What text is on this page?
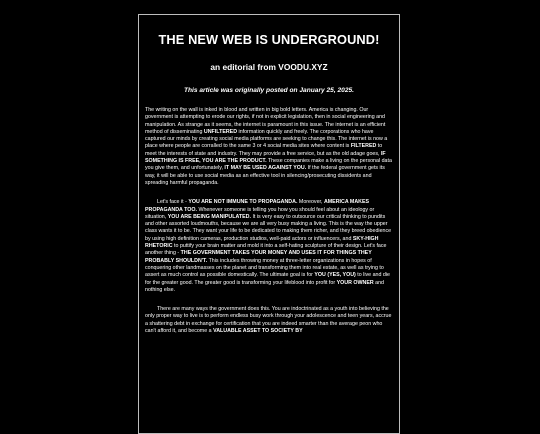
THE NEW WEB IS UNDERGROUND!
an editorial from VOODU.XYZ

This article was originally posted on January 25, 2025.

The writing on the wall is inked in blood and written in big bold letters. America is changing. Our government is attempting to erode our rights, if not in explicit legislation, then in social engineering and manipulation. As strange as it seems, the internet is paramount in this issue. The internet is an efficient method of disseminating UNFILTERED information quickly and freely. The corporations who have captured our minds by creating social media platforms are seeking to change this. The internet is now a place where people are corralled to the same 3 or 4 social media sites where content is FILTERED to meet the interests of state and industry. They may provide a free service, but as the old adage goes, IF SOMETHING IS FREE, YOU ARE THE PRODUCT. These companies make a living on the personal data you give them, and unfortunately, IT MAY BE USED AGAINST YOU. If the federal government gets its way, it will be able to use social media as an effective tool in silencing/prosecuting dissidents and spreading harmful propaganda.

Let's face it - YOU ARE NOT IMMUNE TO PROPAGANDA. Moreover, AMERICA MAKES PROPAGANDA TOO. Whenever someone is telling you how you should feel about an ideology or situation, YOU ARE BEING MANIPULATED. It is very easy to outsource our critical thinking to pundits and other assorted loudmouths, because we are all very busy making a living. This is the way the upper class wants it to be. They want your life to be dedicated to making them richer, and they breed obedience by using high definition cameras, production studios, well-paid actors or influencers, and SKY-HIGH RHETORIC to puttify your brain matter and mold it into a self-hating sculpture of their design. Let's face another thing - THE GOVERNMENT TAKES YOUR MONEY AND USES IT FOR THINGS THEY PROBABLY SHOULDN'T. This includes throwing money at three-letter organizations in hopes of conquering other landmasses on the planet and transforming them into real estate, as well as trying to assert as much control as possible domestically. The ultimate goal is for YOU (YES, YOU) to live and die for the greater good. The greater good is transforming your lifeblood into profit for YOUR OWNER and nothing else.

There are many ways the government does this. You are indoctrinated as a youth into believing the only proper way to live is to perform endless busy work through your adolescence and teen years, accrue a shattering debt in exchange for certification that you are indeed smarter than the average peon who can't afford it, and become a VALUABLE ASSET TO SOCIETY BY
